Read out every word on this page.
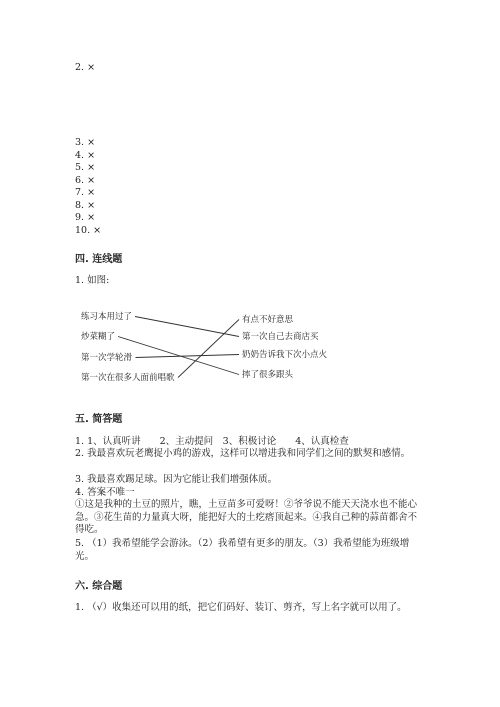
2. ×
3. ×
4. ×
5. ×
6. ×
7. ×
8. ×
9. ×
10. ×
四. 连线题
1. 如图:
练习本用过了
炒菜糊了
第一次学轮滑
第一次在很多人面前唱歌
有点不好意思
第一次自己去商店买
奶奶告诉我下次小点火
摔了很多跟头
五. 简答题
1. 1、认真听讲　　2、主动提问　3、积极讨论　　4、认真检查
2. 我最喜欢玩老鹰捉小鸡的游戏，这样可以增进我和同学们之间的默契和感情。
3. 我最喜欢踢足球。因为它能让我们增强体质。
4. 答案不唯一
①这是我种的土豆的照片，瞧，土豆苗多可爱呀！②爷爷说不能天天浇水也不能心急。③花生苗的力量真大呀，能把好大的土疙瘩顶起来。④我自己种的蒜苗都舍不得吃。
5. （1）我希望能学会游泳。（2）我希望有更多的朋友。（3）我希望能为班级增光。
六. 综合题
1. （√）收集还可以用的纸，把它们码好、装订、剪齐，写上名字就可以用了。
